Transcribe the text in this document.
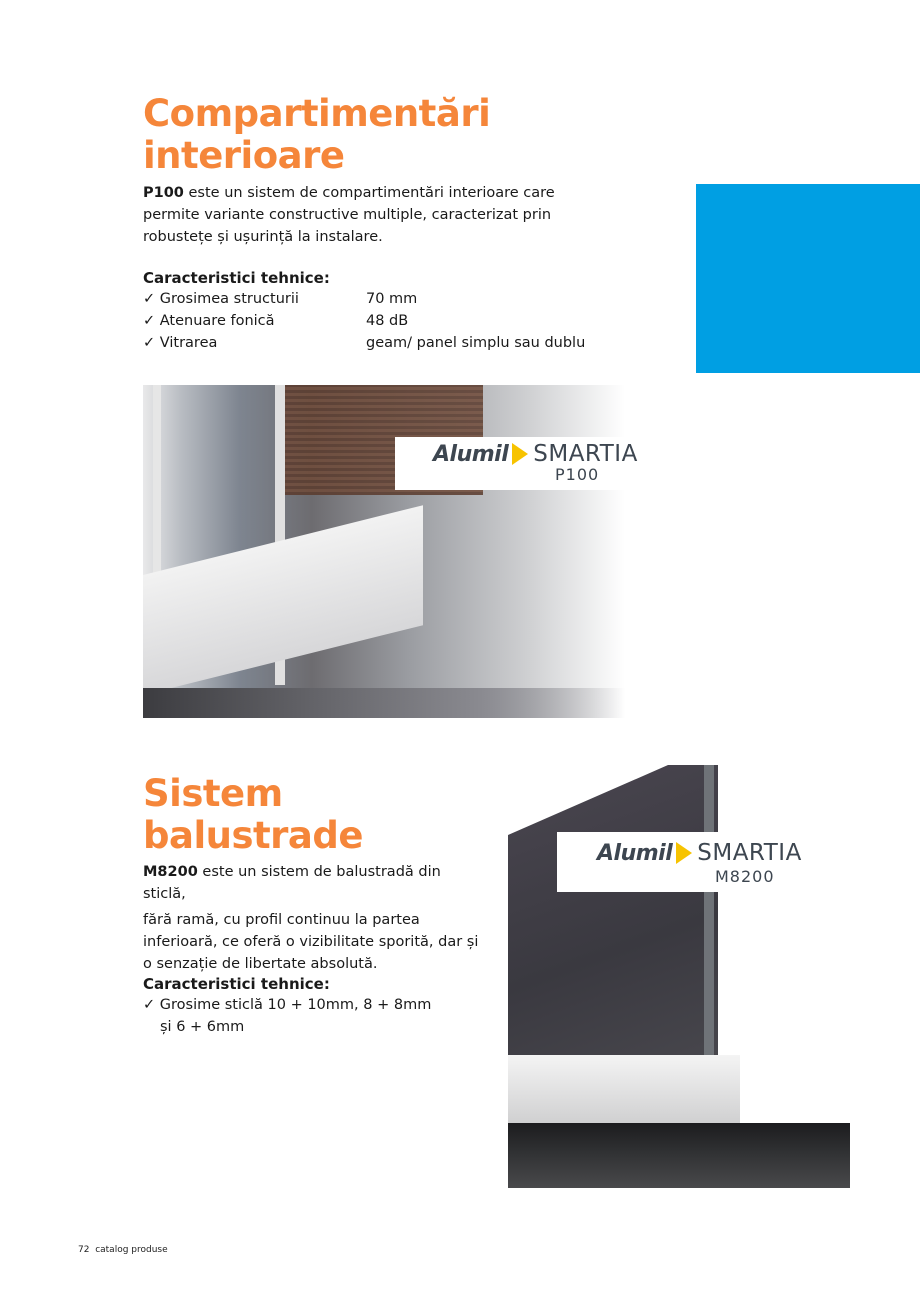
Compartimentări
interioare
P100 este un sistem de compartimentări interioare care permite variante constructive multiple, caracterizat prin robustețe și ușurință la instalare.
Caracteristici tehnice:
✓ Grosimea structurii	70 mm
✓ Atenuare fonică	48 dB
✓ Vitrarea	geam/ panel simplu sau dublu
Alumil SMARTIA
P100
Sistem
balustrade
M8200 este un sistem de balustradă din sticlă,
fără ramă, cu profil continuu la partea inferioară, ce oferă o vizibilitate sporită, dar și o senzație de libertate absolută.
Caracteristici tehnice:
✓ Grosime sticlă 10 + 10mm, 8 + 8mm
și 6 + 6mm
Alumil SMARTIA
M8200
72 catalog produse
